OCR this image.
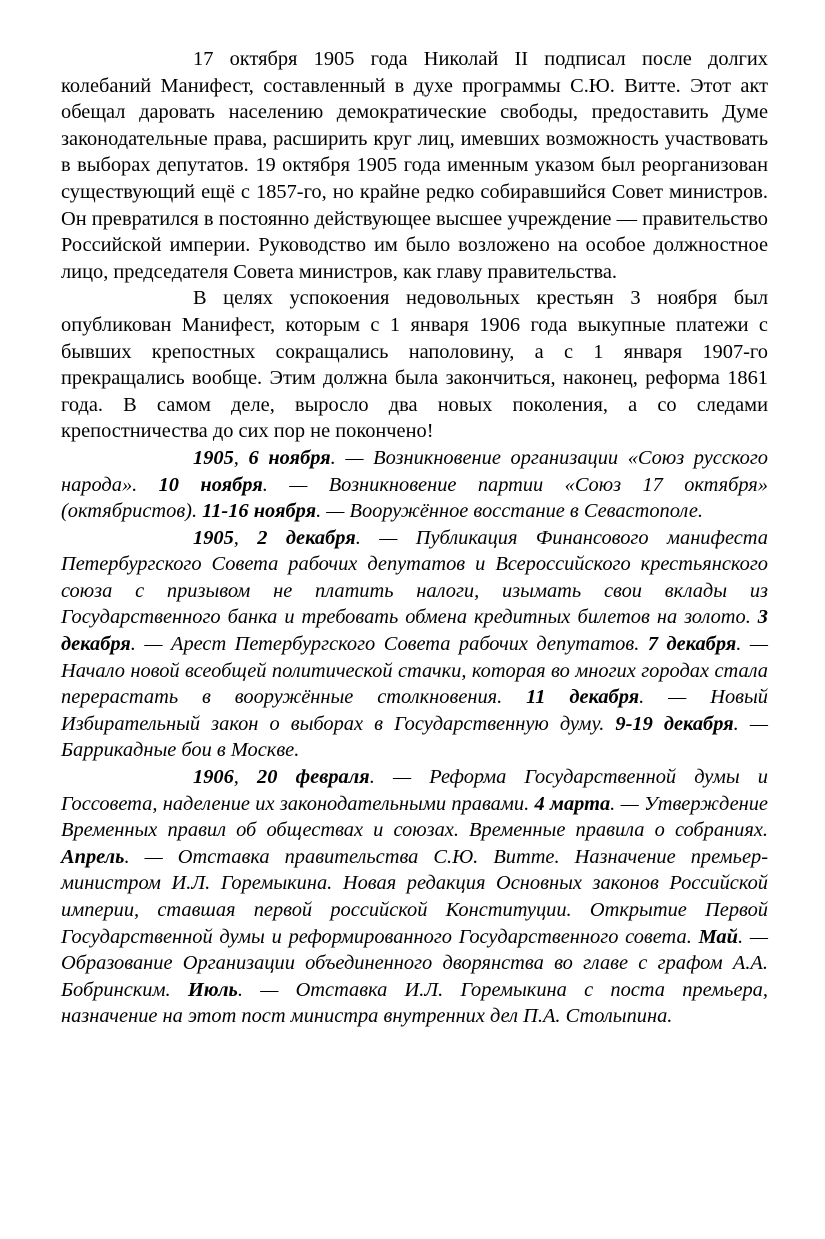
17 октября 1905 года Николай II подписал после долгих колебаний Манифест, составленный в духе программы С.Ю. Витте. Этот акт обещал даровать населению демократические свободы, предоставить Думе законодательные права, расширить круг лиц, имевших возможность участвовать в выборах депутатов. 19 октября 1905 года именным указом был реорганизован существующий ещё с 1857-го, но крайне редко собиравшийся Совет министров. Он превратился в постоянно действующее высшее учреждение — правительство Российской империи. Руководство им было возложено на особое должностное лицо, председателя Совета министров, как главу правительства.

В целях успокоения недовольных крестьян 3 ноября был опубликован Манифест, которым с 1 января 1906 года выкупные платежи с бывших крепостных сокращались наполовину, а с 1 января 1907-го прекращались вообще. Этим должна была закончиться, наконец, реформа 1861 года. В самом деле, выросло два новых поколения, а со следами крепостничества до сих пор не покончено!

1905, 6 ноября. — Возникновение организации «Союз русского народа». 10 ноября. — Возникновение партии «Союз 17 октября» (октябристов). 11-16 ноября. — Вооружённое восстание в Севастополе.

1905, 2 декабря. — Публикация Финансового манифеста Петербургского Совета рабочих депутатов и Всероссийского крестьянского союза с призывом не платить налоги, изымать свои вклады из Государственного банка и требовать обмена кредитных билетов на золото. 3 декабря. — Арест Петербургского Совета рабочих депутатов. 7 декабря. — Начало новой всеобщей политической стачки, которая во многих городах стала перерастать в вооружённые столкновения. 11 декабря. — Новый Избирательный закон о выборах в Государственную думу. 9-19 декабря. — Баррикадные бои в Москве.

1906, 20 февраля. — Реформа Государственной думы и Госсовета, наделение их законодательными правами. 4 марта. — Утверждение Временных правил об обществах и союзах. Временные правила о собраниях. Апрель. — Отставка правительства С.Ю. Витте. Назначение премьер-министром И.Л. Горемыкина. Новая редакция Основных законов Российской империи, ставшая первой российской Конституции. Открытие Первой Государственной думы и реформированного Государственного совета. Май. — Образование Организации объединенного дворянства во главе с графом А.А. Бобринским. Июль. — Отставка И.Л. Горемыкина с поста премьера, назначение на этот пост министра внутренних дел П.А. Столыпина.
